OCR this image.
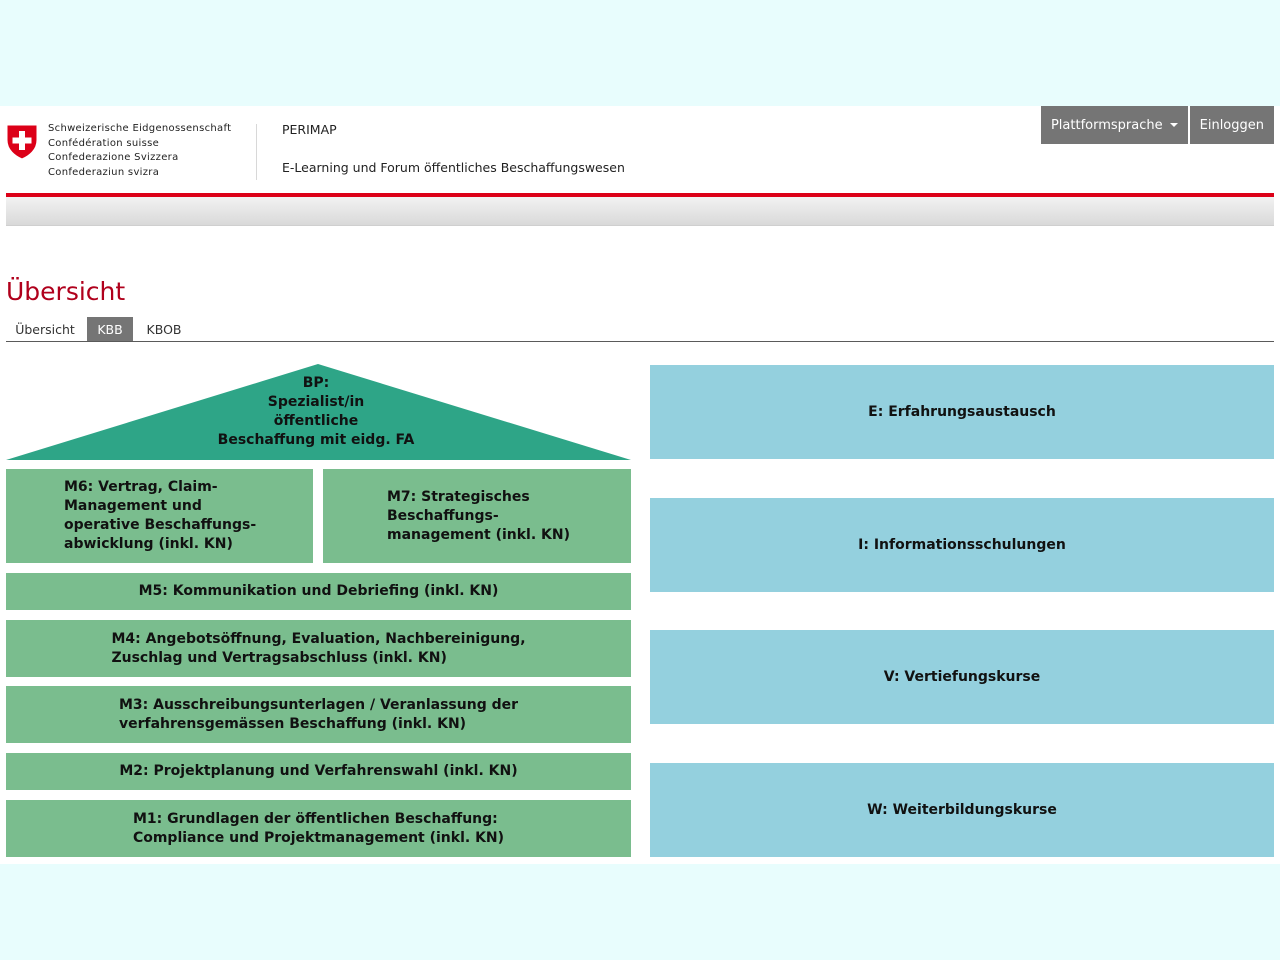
Schweizerische Eidgenossenschaft
Confédération suisse
Confederazione Svizzera
Confederaziun svizra
PERIMAP
E-Learning und Forum öffentliches Beschaffungswesen
Plattformsprache	Einloggen
Übersicht
Übersicht	KBB	KBOB
BP:
Spezialist/in
öffentliche
Beschaffung mit eidg. FA
M6: Vertrag, Claim-
Management und
operative Beschaffungs-
abwicklung (inkl. KN)
M7: Strategisches
Beschaffungs-
management (inkl. KN)
M5: Kommunikation und Debriefing (inkl. KN)
M4: Angebotsöffnung, Evaluation, Nachbereinigung,
Zuschlag und Vertragsabschluss (inkl. KN)
M3: Ausschreibungsunterlagen / Veranlassung der
verfahrensgemässen Beschaffung (inkl. KN)
M2: Projektplanung und Verfahrenswahl (inkl. KN)
M1: Grundlagen der öffentlichen Beschaffung:
Compliance und Projektmanagement (inkl. KN)
E: Erfahrungsaustausch
I: Informationsschulungen
V: Vertiefungskurse
W: Weiterbildungskurse
